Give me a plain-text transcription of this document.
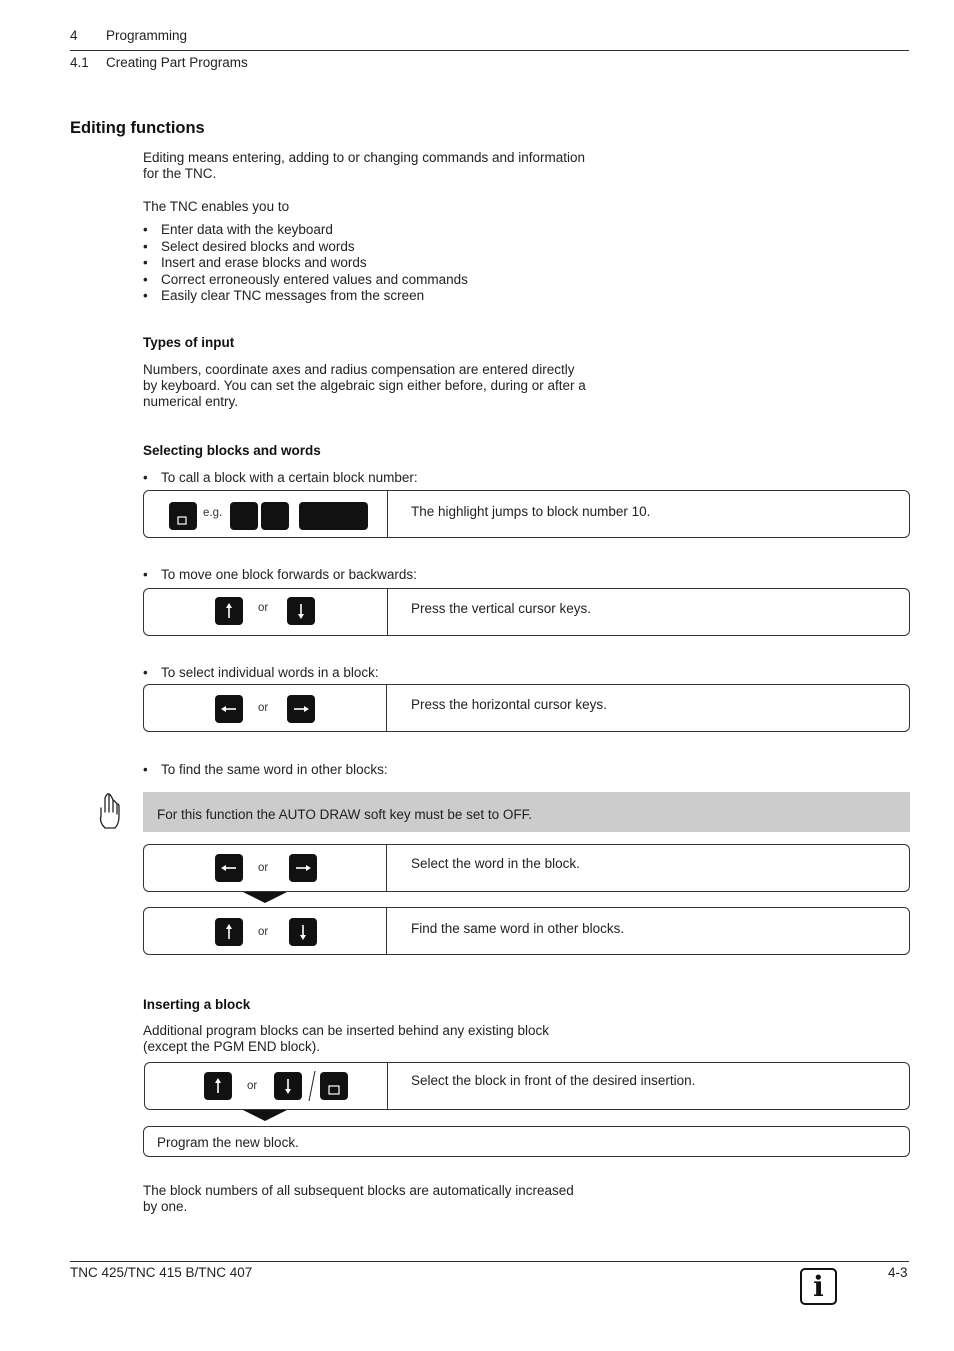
4 Programming
4.1 Creating Part Programs
Editing functions
Editing means entering, adding to or changing commands and information
for the TNC.
The TNC enables you to
• Enter data with the keyboard
• Select desired blocks and words
• Insert and erase blocks and words
• Correct erroneously entered values and commands
• Easily clear TNC messages from the screen
Types of input
Numbers, coordinate axes and radius compensation are entered directly
by keyboard. You can set the algebraic sign either before, during or after a
numerical entry.
Selecting blocks and words
• To call a block with a certain block number:
e.g.	The highlight jumps to block number 10.
• To move one block forwards or backwards:
or	Press the vertical cursor keys.
• To select individual words in a block:
or	Press the horizontal cursor keys.
• To find the same word in other blocks:
For this function the AUTO DRAW soft key must be set to OFF.
or	Select the word in the block.
or	Find the same word in other blocks.
Inserting a block
Additional program blocks can be inserted behind any existing block
(except the PGM END block).
or	Select the block in front of the desired insertion.
Program the new block.
The block numbers of all subsequent blocks are automatically increased
by one.
TNC 425/TNC 415 B/TNC 407	i	4-3
